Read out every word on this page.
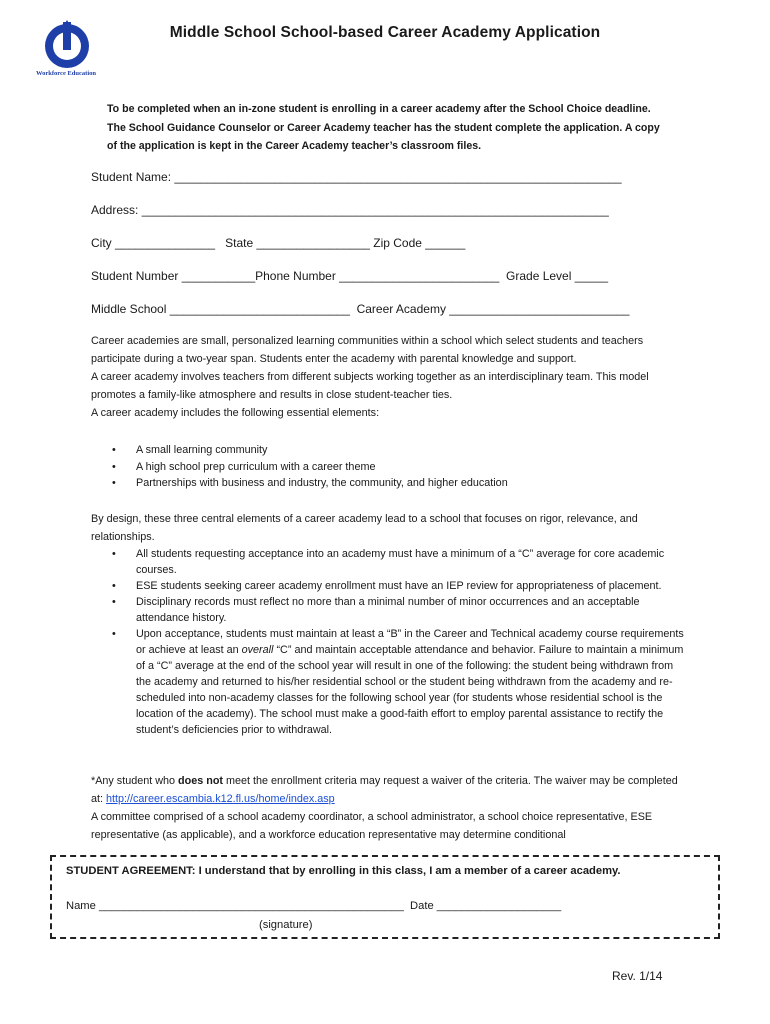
Workforce Education
Middle School School-based Career Academy Application
To be completed when an in-zone student is enrolling in a career academy after the School Choice deadline.
The School Guidance Counselor or Career Academy teacher has the student complete the application. A copy
of the application is kept in the Career Academy teacher’s classroom files.
Student Name: ___________________________________________________________________
Address: ______________________________________________________________________
City _______________   State _________________ Zip Code ______
Student Number ___________Phone Number ________________________  Grade Level _____
Middle School ___________________________  Career Academy ___________________________
Career academies are small, personalized learning communities within a school which select students and teachers participate during a two-year span. Students enter the academy with parental knowledge and support.
A career academy involves teachers from different subjects working together as an interdisciplinary team. This model promotes a family-like atmosphere and results in close student-teacher ties.
A career academy includes the following essential elements:
• A small learning community
• A high school prep curriculum with a career theme
• Partnerships with business and industry, the community, and higher education
By design, these three central elements of a career academy lead to a school that focuses on rigor, relevance, and relationships.
• All students requesting acceptance into an academy must have a minimum of a “C” average for core academic courses.
• ESE students seeking career academy enrollment must have an IEP review for appropriateness of placement.
• Disciplinary records must reflect no more than a minimal number of minor occurrences and an acceptable attendance history.
• Upon acceptance, students must maintain at least a “B” in the Career and Technical academy course requirements or achieve at least an overall “C” and maintain acceptable attendance and behavior. Failure to maintain a minimum of a “C” average at the end of the school year will result in one of the following: the student being withdrawn from the academy and returned to his/her residential school or the student being withdrawn from the academy and re-scheduled into non-academy classes for the following school year (for students whose residential school is the location of the academy). The school must make a good-faith effort to employ parental assistance to rectify the student’s deficiencies prior to withdrawal.
*Any student who does not meet the enrollment criteria may request a waiver of the criteria. The waiver may be completed at: http://career.escambia.k12.fl.us/home/index.asp
A committee comprised of a school academy coordinator, a school administrator, a school choice representative, ESE representative (as applicable), and a workforce education representative may determine conditional
STUDENT AGREEMENT: I understand that by enrolling in this class, I am a member of a career academy.
Name _________________________________________________  Date ____________________
(signature)
Rev. 1/14
